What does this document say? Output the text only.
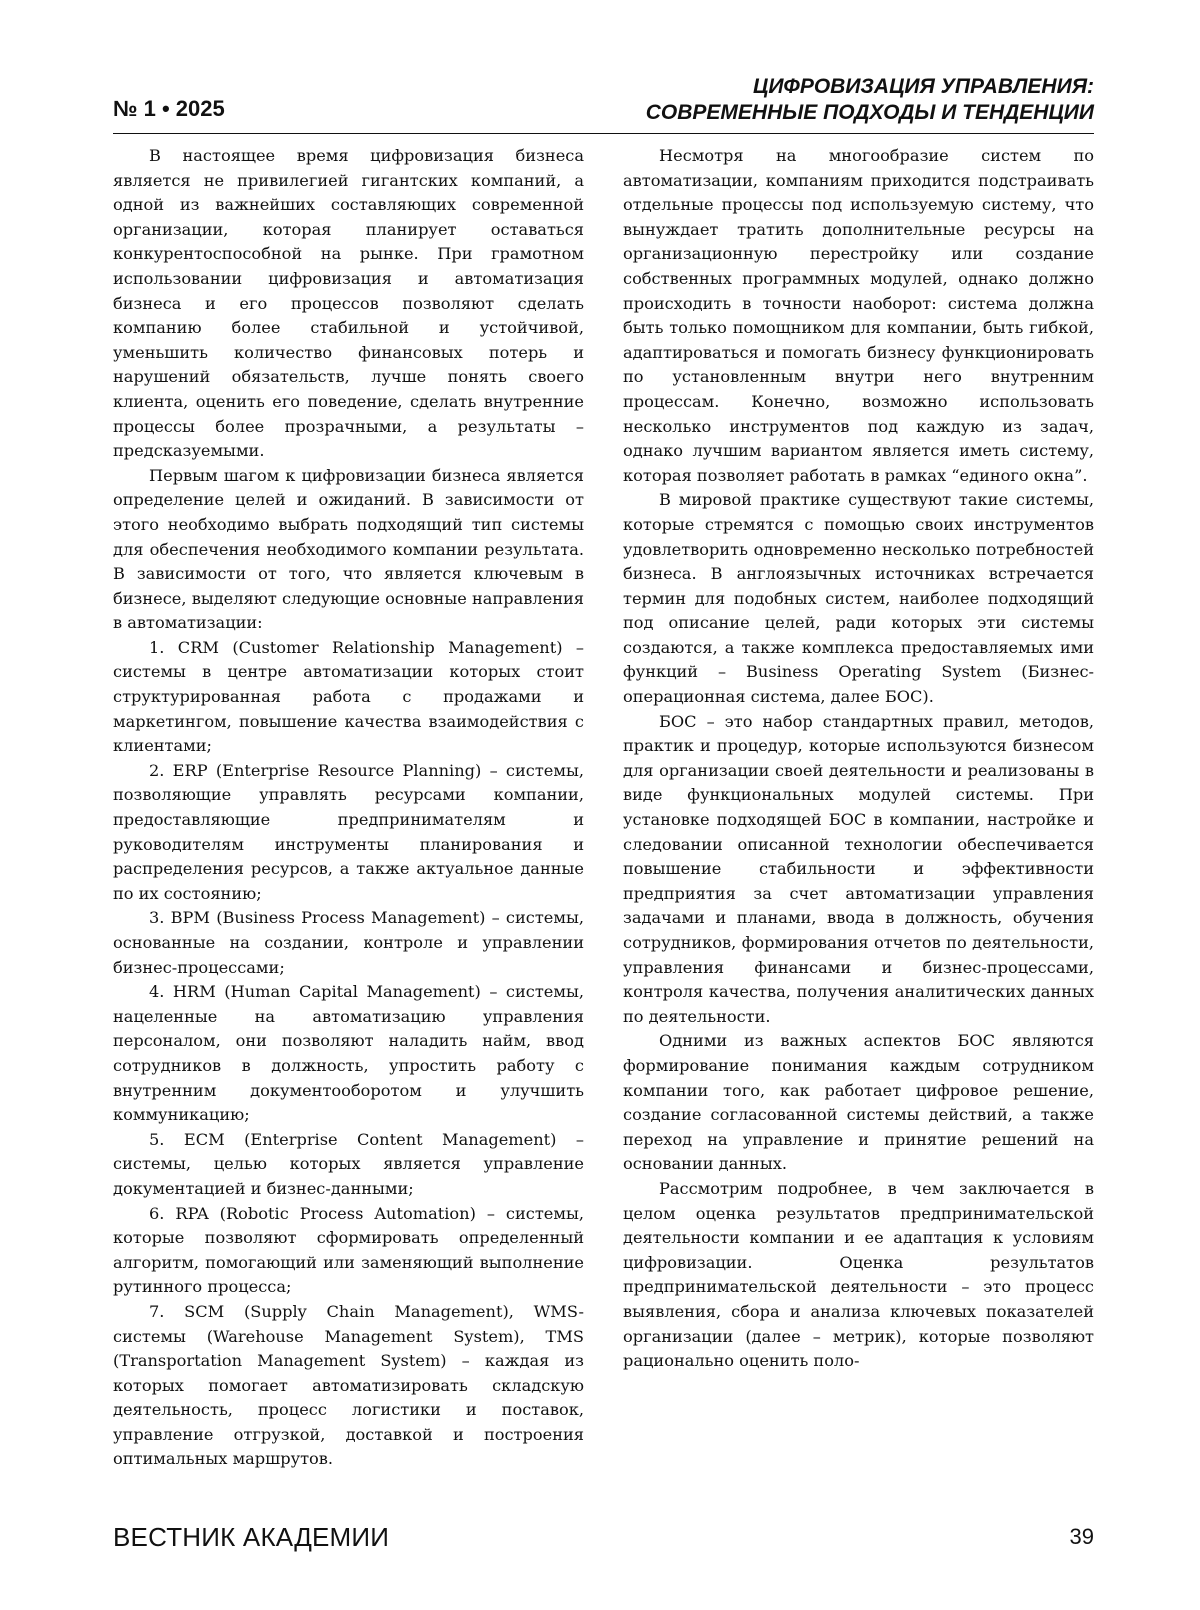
№ 1 • 2025
ЦИФРОВИЗАЦИЯ УПРАВЛЕНИЯ:
СОВРЕМЕННЫЕ ПОДХОДЫ И ТЕНДЕНЦИИ

В настоящее время цифровизация бизнеса является не привилегией гигантских компаний, а одной из важнейших составляющих современной организации, которая планирует оставаться конкурентоспособной на рынке. При грамотном использовании цифровизация и автоматизация бизнеса и его процессов позволяют сделать компанию более стабильной и устойчивой, уменьшить количество финансовых потерь и нарушений обязательств, лучше понять своего клиента, оценить его поведение, сделать внутренние процессы более прозрачными, а результаты – предсказуемыми.

Первым шагом к цифровизации бизнеса является определение целей и ожиданий. В зависимости от этого необходимо выбрать подходящий тип системы для обеспечения необходимого компании результата. В зависимости от того, что является ключевым в бизнесе, выделяют следующие основные направления в автоматизации:

1. CRM (Customer Relationship Management) – системы в центре автоматизации которых стоит структурированная работа с продажами и маркетингом, повышение качества взаимодействия с клиентами;

2. ERP (Enterprise Resource Planning) – системы, позволяющие управлять ресурсами компании, предоставляющие предпринимателям и руководителям инструменты планирования и распределения ресурсов, а также актуальное данные по их состоянию;

3. BPM (Business Process Management) – системы, основанные на создании, контроле и управлении бизнес-процессами;

4. HRM (Human Capital Management) – системы, нацеленные на автоматизацию управления персоналом, они позволяют наладить найм, ввод сотрудников в должность, упростить работу с внутренним документооборотом и улучшить коммуникацию;

5. ECM (Enterprise Content Management) – системы, целью которых является управление документацией и бизнес-данными;

6. RPA (Robotic Process Automation) – системы, которые позволяют сформировать определенный алгоритм, помогающий или заменяющий выполнение рутинного процесса;

7. SCM (Supply Chain Management), WMS-системы (Warehouse Management System), TMS (Transportation Management System) – каждая из которых помогает автоматизировать складскую деятельность, процесс логистики и поставок, управление отгрузкой, доставкой и построения оптимальных маршрутов.

Несмотря на многообразие систем по автоматизации, компаниям приходится подстраивать отдельные процессы под используемую систему, что вынуждает тратить дополнительные ресурсы на организационную перестройку или создание собственных программных модулей, однако должно происходить в точности наоборот: система должна быть только помощником для компании, быть гибкой, адаптироваться и помогать бизнесу функционировать по установленным внутри него внутренним процессам. Конечно, возможно использовать несколько инструментов под каждую из задач, однако лучшим вариантом является иметь систему, которая позволяет работать в рамках “единого окна”.

В мировой практике существуют такие системы, которые стремятся с помощью своих инструментов удовлетворить одновременно несколько потребностей бизнеса. В англоязычных источниках встречается термин для подобных систем, наиболее подходящий под описание целей, ради которых эти системы создаются, а также комплекса предоставляемых ими функций – Business Operating System (Бизнес-операционная система, далее БОС).

БОС – это набор стандартных правил, методов, практик и процедур, которые используются бизнесом для организации своей деятельности и реализованы в виде функциональных модулей системы. При установке подходящей БОС в компании, настройке и следовании описанной технологии обеспечивается повышение стабильности и эффективности предприятия за счет автоматизации управления задачами и планами, ввода в должность, обучения сотрудников, формирования отчетов по деятельности, управления финансами и бизнес-процессами, контроля качества, получения аналитических данных по деятельности.

Одними из важных аспектов БОС являются формирование понимания каждым сотрудником компании того, как работает цифровое решение, создание согласованной системы действий, а также переход на управление и принятие решений на основании данных.

Рассмотрим подробнее, в чем заключается в целом оценка результатов предпринимательской деятельности компании и ее адаптация к условиям цифровизации. Оценка результатов предпринимательской деятельности – это процесс выявления, сбора и анализа ключевых показателей организации (далее – метрик), которые позволяют рационально оценить поло-

ВЕСТНИК АКАДЕМИИ	39
